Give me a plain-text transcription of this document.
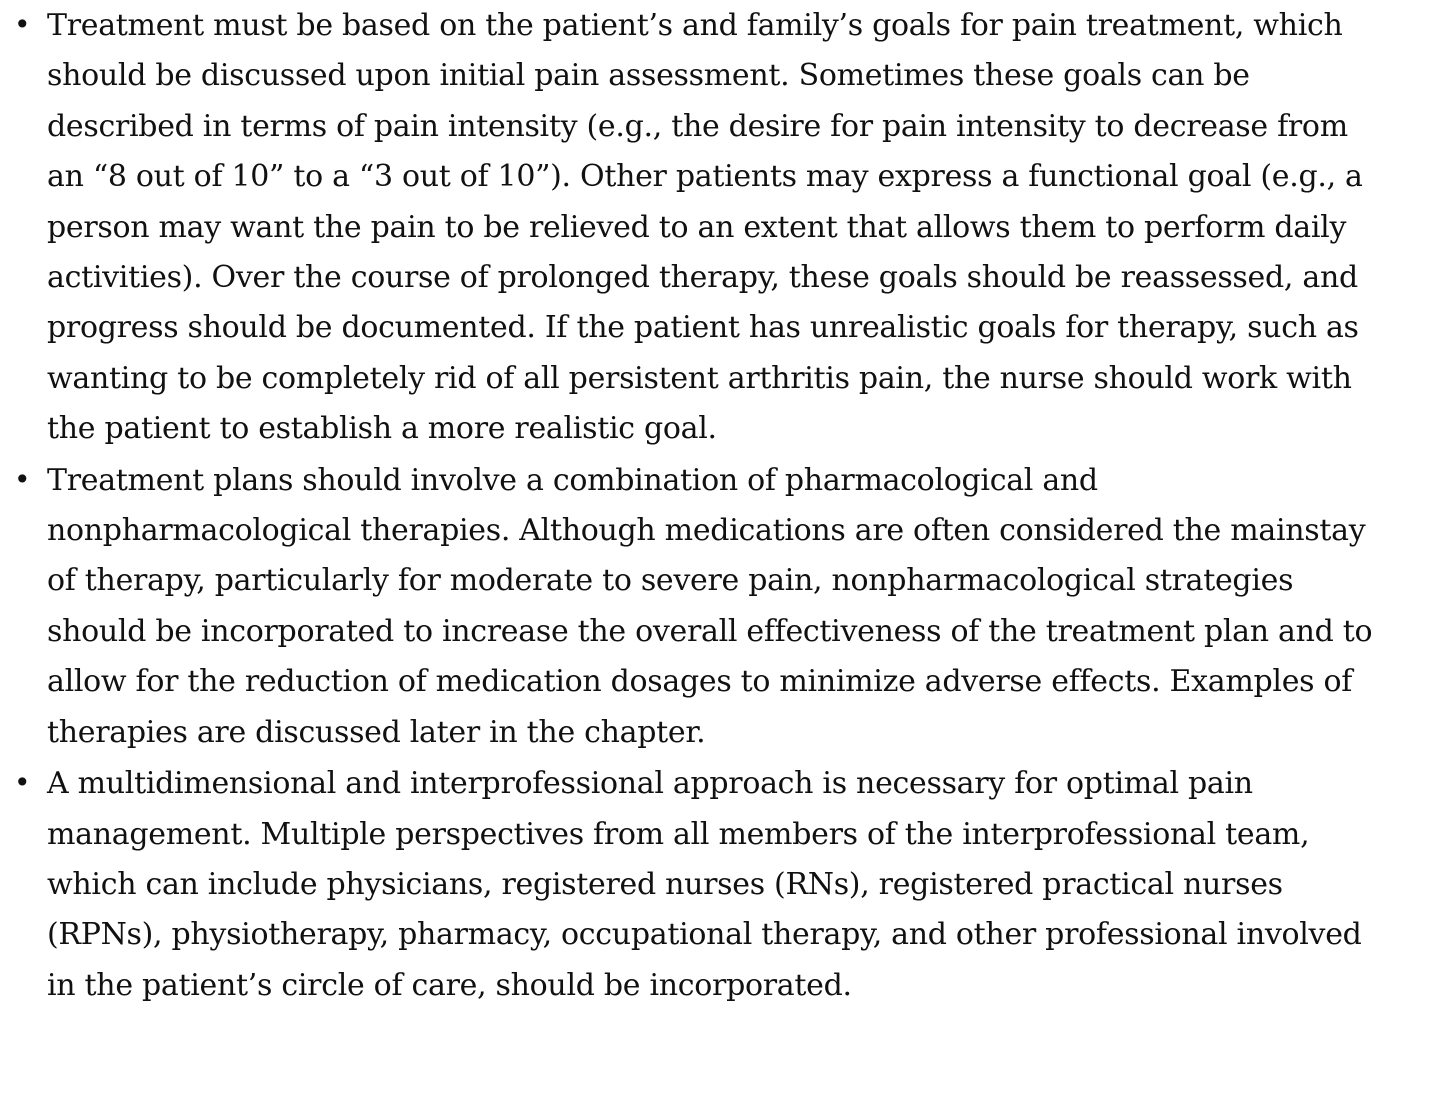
• Treatment must be based on the patient’s and family’s goals for pain treatment, which should be discussed upon initial pain assessment. Sometimes these goals can be described in terms of pain intensity (e.g., the desire for pain intensity to decrease from an “8 out of 10” to a “3 out of 10”). Other patients may express a functional goal (e.g., a person may want the pain to be relieved to an extent that allows them to perform daily activities). Over the course of prolonged therapy, these goals should be reassessed, and progress should be documented. If the patient has unrealistic goals for therapy, such as wanting to be completely rid of all persistent arthritis pain, the nurse should work with the patient to establish a more realistic goal.

• Treatment plans should involve a combination of pharmacological and nonpharmacological therapies. Although medications are often considered the mainstay of therapy, particularly for moderate to severe pain, nonpharmacological strategies should be incorporated to increase the overall effectiveness of the treatment plan and to allow for the reduction of medication dosages to minimize adverse effects. Examples of therapies are discussed later in the chapter.

• A multidimensional and interprofessional approach is necessary for optimal pain management. Multiple perspectives from all members of the interprofessional team, which can include physicians, registered nurses (RNs), registered practical nurses (RPNs), physiotherapy, pharmacy, occupational therapy, and other professional involved in the patient’s circle of care, should be incorporated.
